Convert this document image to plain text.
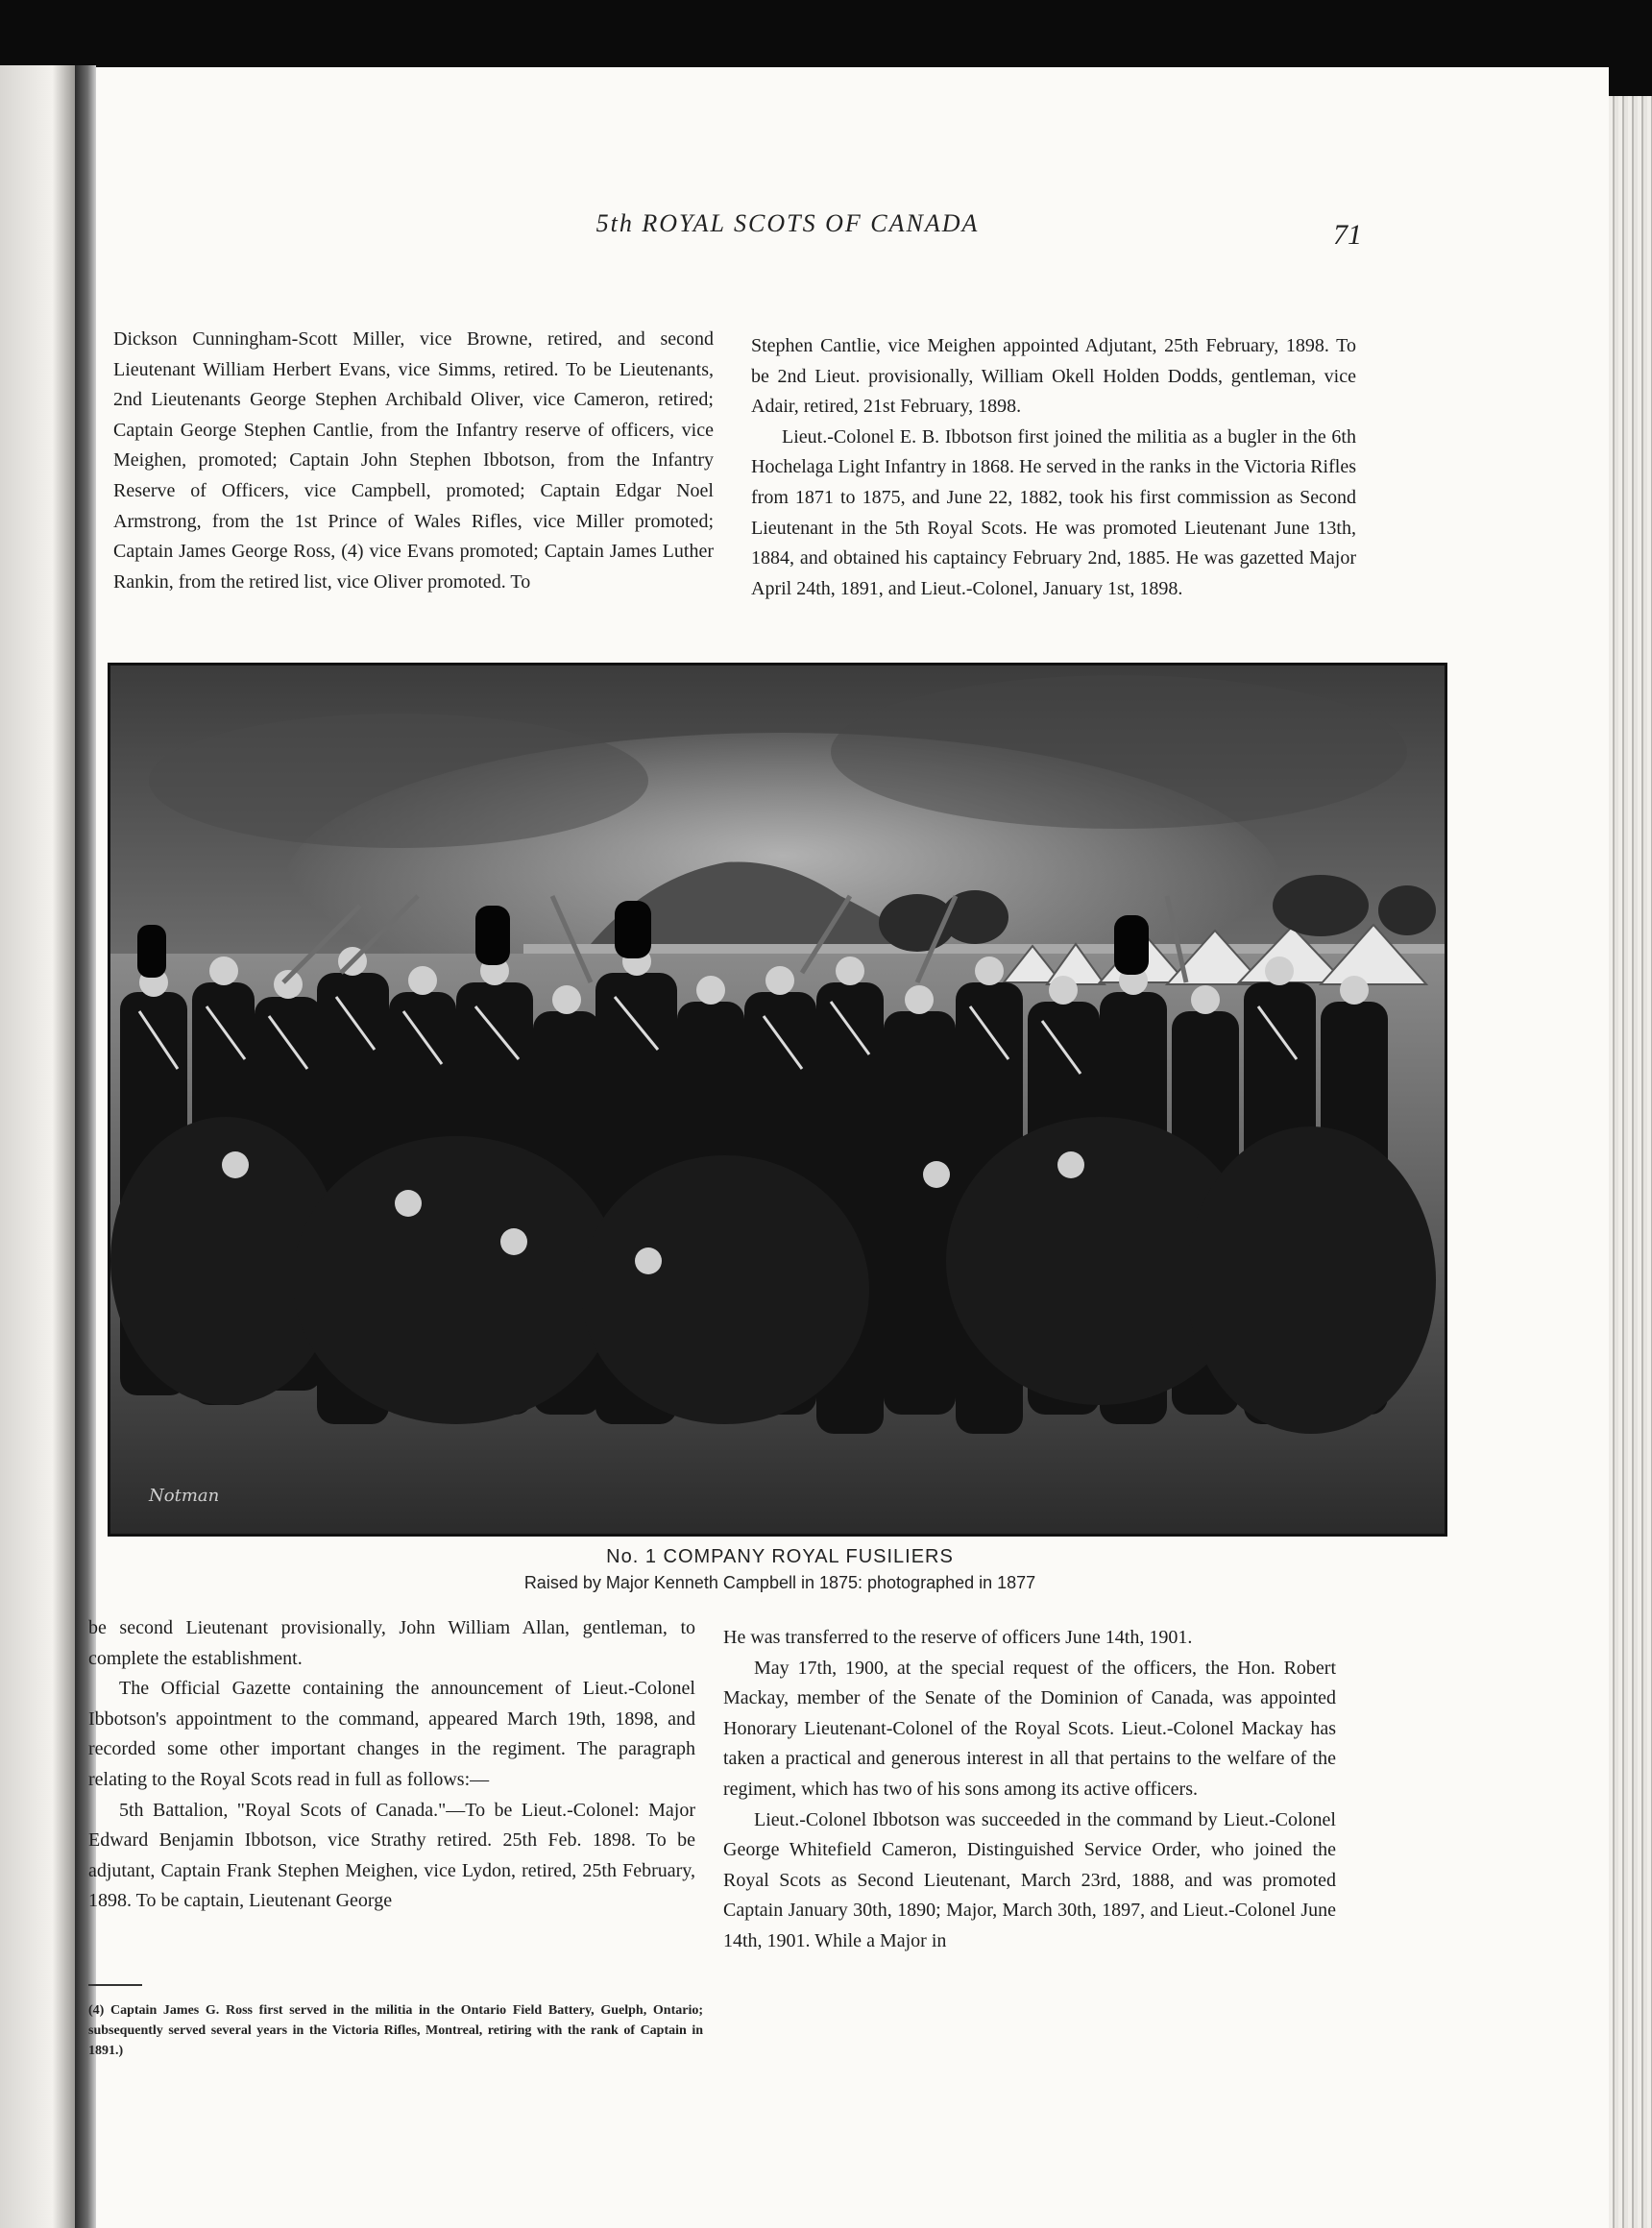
5th ROYAL SCOTS OF CANADA	71

Dickson Cunningham-Scott Miller, vice Browne, retired, and second Lieutenant William Herbert Evans, vice Simms, retired. To be Lieutenants, 2nd Lieutenants George Stephen Archibald Oliver, vice Cameron, retired; Captain George Stephen Cantlie, from the Infantry reserve of officers, vice Meighen, promoted; Captain John Stephen Ibbotson, from the Infantry Reserve of Officers, vice Campbell, promoted; Captain Edgar Noel Armstrong, from the 1st Prince of Wales Rifles, vice Miller promoted; Captain James George Ross, (4) vice Evans promoted; Captain James Luther Rankin, from the retired list, vice Oliver promoted. To

Stephen Cantlie, vice Meighen appointed Adjutant, 25th February, 1898. To be 2nd Lieut. provisionally, William Okell Holden Dodds, gentleman, vice Adair, retired, 21st February, 1898.

Lieut.-Colonel E. B. Ibbotson first joined the militia as a bugler in the 6th Hochelaga Light Infantry in 1868. He served in the ranks in the Victoria Rifles from 1871 to 1875, and June 22, 1882, took his first commission as Second Lieutenant in the 5th Royal Scots. He was promoted Lieutenant June 13th, 1884, and obtained his captaincy February 2nd, 1885. He was gazetted Major April 24th, 1891, and Lieut.-Colonel, January 1st, 1898.

Notman
No. 1 COMPANY ROYAL FUSILIERS
Raised by Major Kenneth Campbell in 1875: photographed in 1877

be second Lieutenant provisionally, John William Allan, gentleman, to complete the establishment.

The Official Gazette containing the announcement of Lieut.-Colonel Ibbotson's appointment to the command, appeared March 19th, 1898, and recorded some other important changes in the regiment. The paragraph relating to the Royal Scots read in full as follows:—

5th Battalion, "Royal Scots of Canada."—To be Lieut.-Colonel: Major Edward Benjamin Ibbotson, vice Strathy retired. 25th Feb. 1898. To be adjutant, Captain Frank Stephen Meighen, vice Lydon, retired, 25th February, 1898. To be captain, Lieutenant George

(4) Captain James G. Ross first served in the militia in the Ontario Field Battery, Guelph, Ontario; subsequently served several years in the Victoria Rifles, Montreal, retiring with the rank of Captain in 1891.)

He was transferred to the reserve of officers June 14th, 1901.

May 17th, 1900, at the special request of the officers, the Hon. Robert Mackay, member of the Senate of the Dominion of Canada, was appointed Honorary Lieutenant-Colonel of the Royal Scots. Lieut.-Colonel Mackay has taken a practical and generous interest in all that pertains to the welfare of the regiment, which has two of his sons among its active officers.

Lieut.-Colonel Ibbotson was succeeded in the command by Lieut.-Colonel George Whitefield Cameron, Distinguished Service Order, who joined the Royal Scots as Second Lieutenant, March 23rd, 1888, and was promoted Captain January 30th, 1890; Major, March 30th, 1897, and Lieut.-Colonel June 14th, 1901. While a Major in
